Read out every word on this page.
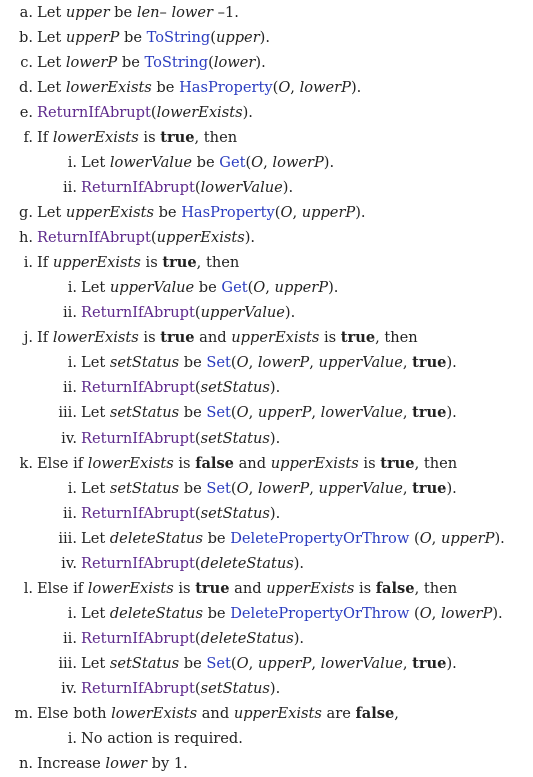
a. Let upper be len– lower –1.
b. Let upperP be ToString(upper).
c. Let lowerP be ToString(lower).
d. Let lowerExists be HasProperty(O, lowerP).
e. ReturnIfAbrupt(lowerExists).
f. If lowerExists is true, then
i. Let lowerValue be Get(O, lowerP).
ii. ReturnIfAbrupt(lowerValue).
g. Let upperExists be HasProperty(O, upperP).
h. ReturnIfAbrupt(upperExists).
i. If upperExists is true, then
i. Let upperValue be Get(O, upperP).
ii. ReturnIfAbrupt(upperValue).
j. If lowerExists is true and upperExists is true, then
i. Let setStatus be Set(O, lowerP, upperValue, true).
ii. ReturnIfAbrupt(setStatus).
iii. Let setStatus be Set(O, upperP, lowerValue, true).
iv. ReturnIfAbrupt(setStatus).
k. Else if lowerExists is false and upperExists is true, then
i. Let setStatus be Set(O, lowerP, upperValue, true).
ii. ReturnIfAbrupt(setStatus).
iii. Let deleteStatus be DeletePropertyOrThrow (O, upperP).
iv. ReturnIfAbrupt(deleteStatus).
l. Else if lowerExists is true and upperExists is false, then
i. Let deleteStatus be DeletePropertyOrThrow (O, lowerP).
ii. ReturnIfAbrupt(deleteStatus).
iii. Let setStatus be Set(O, upperP, lowerValue, true).
iv. ReturnIfAbrupt(setStatus).
m. Else both lowerExists and upperExists are false,
i. No action is required.
n. Increase lower by 1.
